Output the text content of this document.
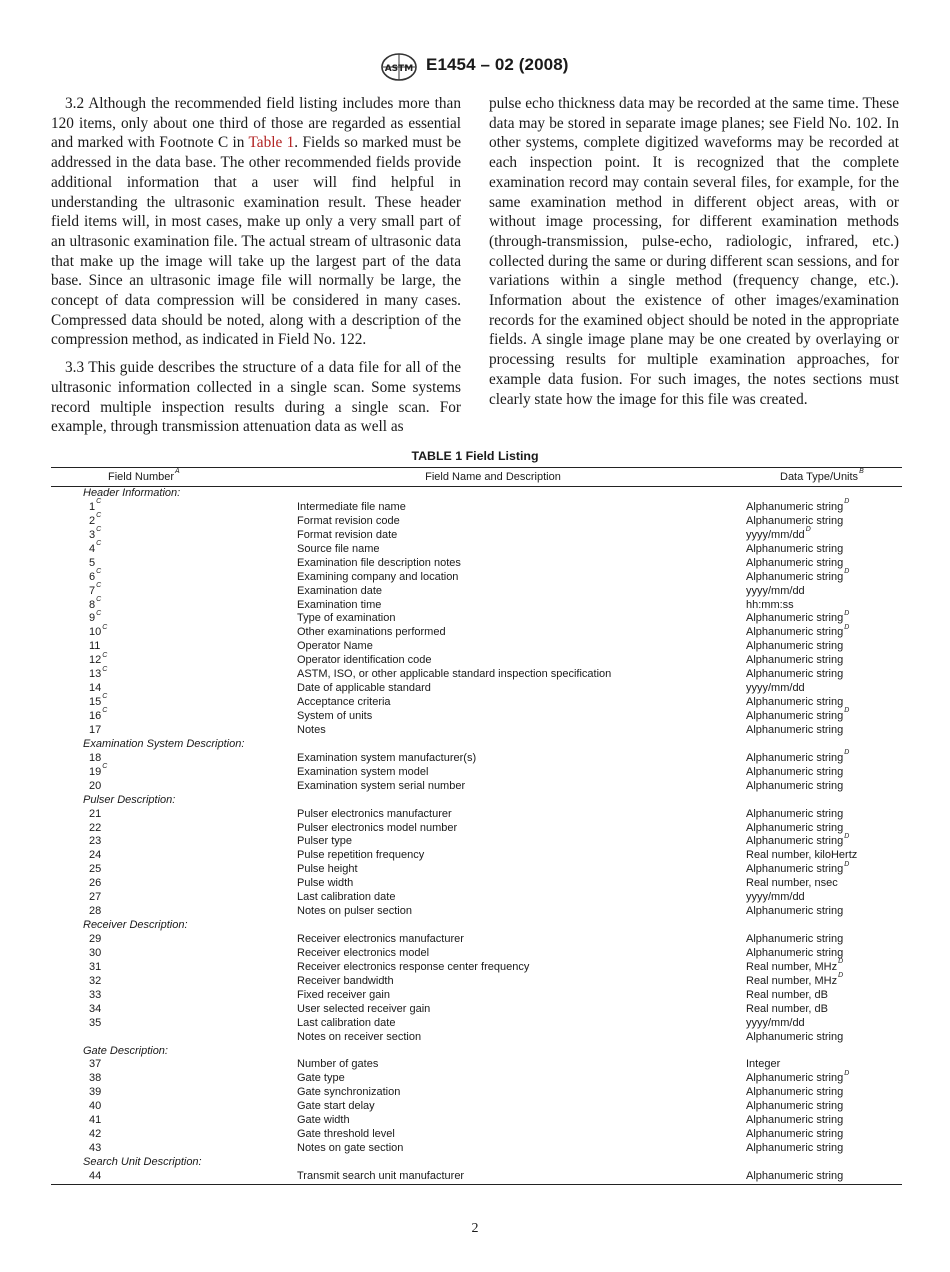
ASTM E1454 – 02 (2008)

3.2 Although the recommended field listing includes more than 120 items, only about one third of those are regarded as essential and marked with Footnote C in Table 1. Fields so marked must be addressed in the data base. The other recommended fields provide additional information that a user will find helpful in understanding the ultrasonic examination result. These header field items will, in most cases, make up only a very small part of an ultrasonic examination file. The actual stream of ultrasonic data that make up the image will take up the largest part of the data base. Since an ultrasonic image file will normally be large, the concept of data compression will be considered in many cases. Compressed data should be noted, along with a description of the compression method, as indicated in Field No. 122.

3.3 This guide describes the structure of a data file for all of the ultrasonic information collected in a single scan. Some systems record multiple inspection results during a single scan. For example, through transmission attenuation data as well as

pulse echo thickness data may be recorded at the same time. These data may be stored in separate image planes; see Field No. 102. In other systems, complete digitized waveforms may be recorded at each inspection point. It is recognized that the complete examination record may contain several files, for example, for the same examination method in different object areas, with or without image processing, for different examination methods (through-transmission, pulse-echo, radiologic, infrared, etc.) collected during the same or during different scan sessions, and for variations within a single method (frequency change, etc.). Information about the existence of other images/examination records for the examined object should be noted in the appropriate fields. A single image plane may be one created by overlaying or processing results for multiple examination approaches, for example data fusion. For such images, the notes sections must clearly state how the image for this file was created.

TABLE 1 Field Listing
Field Number$^A$	Field Name and Description	Data Type/Units$^B$
Header Information:		
$1^C$	Intermediate file name	Alphanumeric string$^D$
$2^C$	Format revision code	Alphanumeric string
$3^C$	Format revision date	yyyy/$mm/dd^D$
$4^C$	Source file name	Alphanumeric string
5	Examination file description notes	Alphanumeric string
$6^C$	Examining company and location	Alphanumeric string$^D$
$7^C$	Examination date	yyyy/mm/dd
$8^C$	Examination time	hh:mm:ss
$9^C$	Type of examination	Alphanumeric string$^D$
$10^C$	Other examinations performed	Alphanumeric string$^D$
11	Operator Name	Alphanumeric string
$12^C$	Operator identification code	Alphanumeric string
$13^C$	ASTM, ISO, or other applicable standard inspection specification	Alphanumeric string
14	Date of applicable standard	yyyy/mm/dd
$15^C$	Acceptance criteria	Alphanumeric string
$16^C$	System of units	Alphanumeric string$^D$
17	Notes	Alphanumeric string
Examination System Description:		
18	Examination system manufacturer(s)	Alphanumeric string$^D$
$19^C$	Examination system model	Alphanumeric string
20	Examination system serial number	Alphanumeric string
Pulser Description:		
21	Pulser electronics manufacturer	Alphanumeric string
22	Pulser electronics model number	Alphanumeric string
23	Pulser type	Alphanumeric string$^D$
24	Pulse repetition frequency	Real number, kiloHertz
25	Pulse height	Alphanumeric string$^D$
26	Pulse width	Real number, nsec
27	Last calibration date	yyyy/mm/dd
28	Notes on pulser section	Alphanumeric string
Receiver Description:		
29	Receiver electronics manufacturer	Alphanumeric string
30	Receiver electronics model	Alphanumeric string
31	Receiver electronics response center frequency	Real number, MHz$^D$
32	Receiver bandwidth	Real number, MHz$^D$
33	Fixed receiver gain	Real number, dB
34	User selected receiver gain	Real number, dB
35	Last calibration date	yyyy/mm/dd
	Notes on receiver section	Alphanumeric string
Gate Description:		
37	Number of gates	Integer
38	Gate type	Alphanumeric string$^D$
39	Gate synchronization	Alphanumeric string
40	Gate start delay	Alphanumeric string
41	Gate width	Alphanumeric string
42	Gate threshold level	Alphanumeric string
43	Notes on gate section	Alphanumeric string
Search Unit Description:		
44	Transmit search unit manufacturer	Alphanumeric string
2
